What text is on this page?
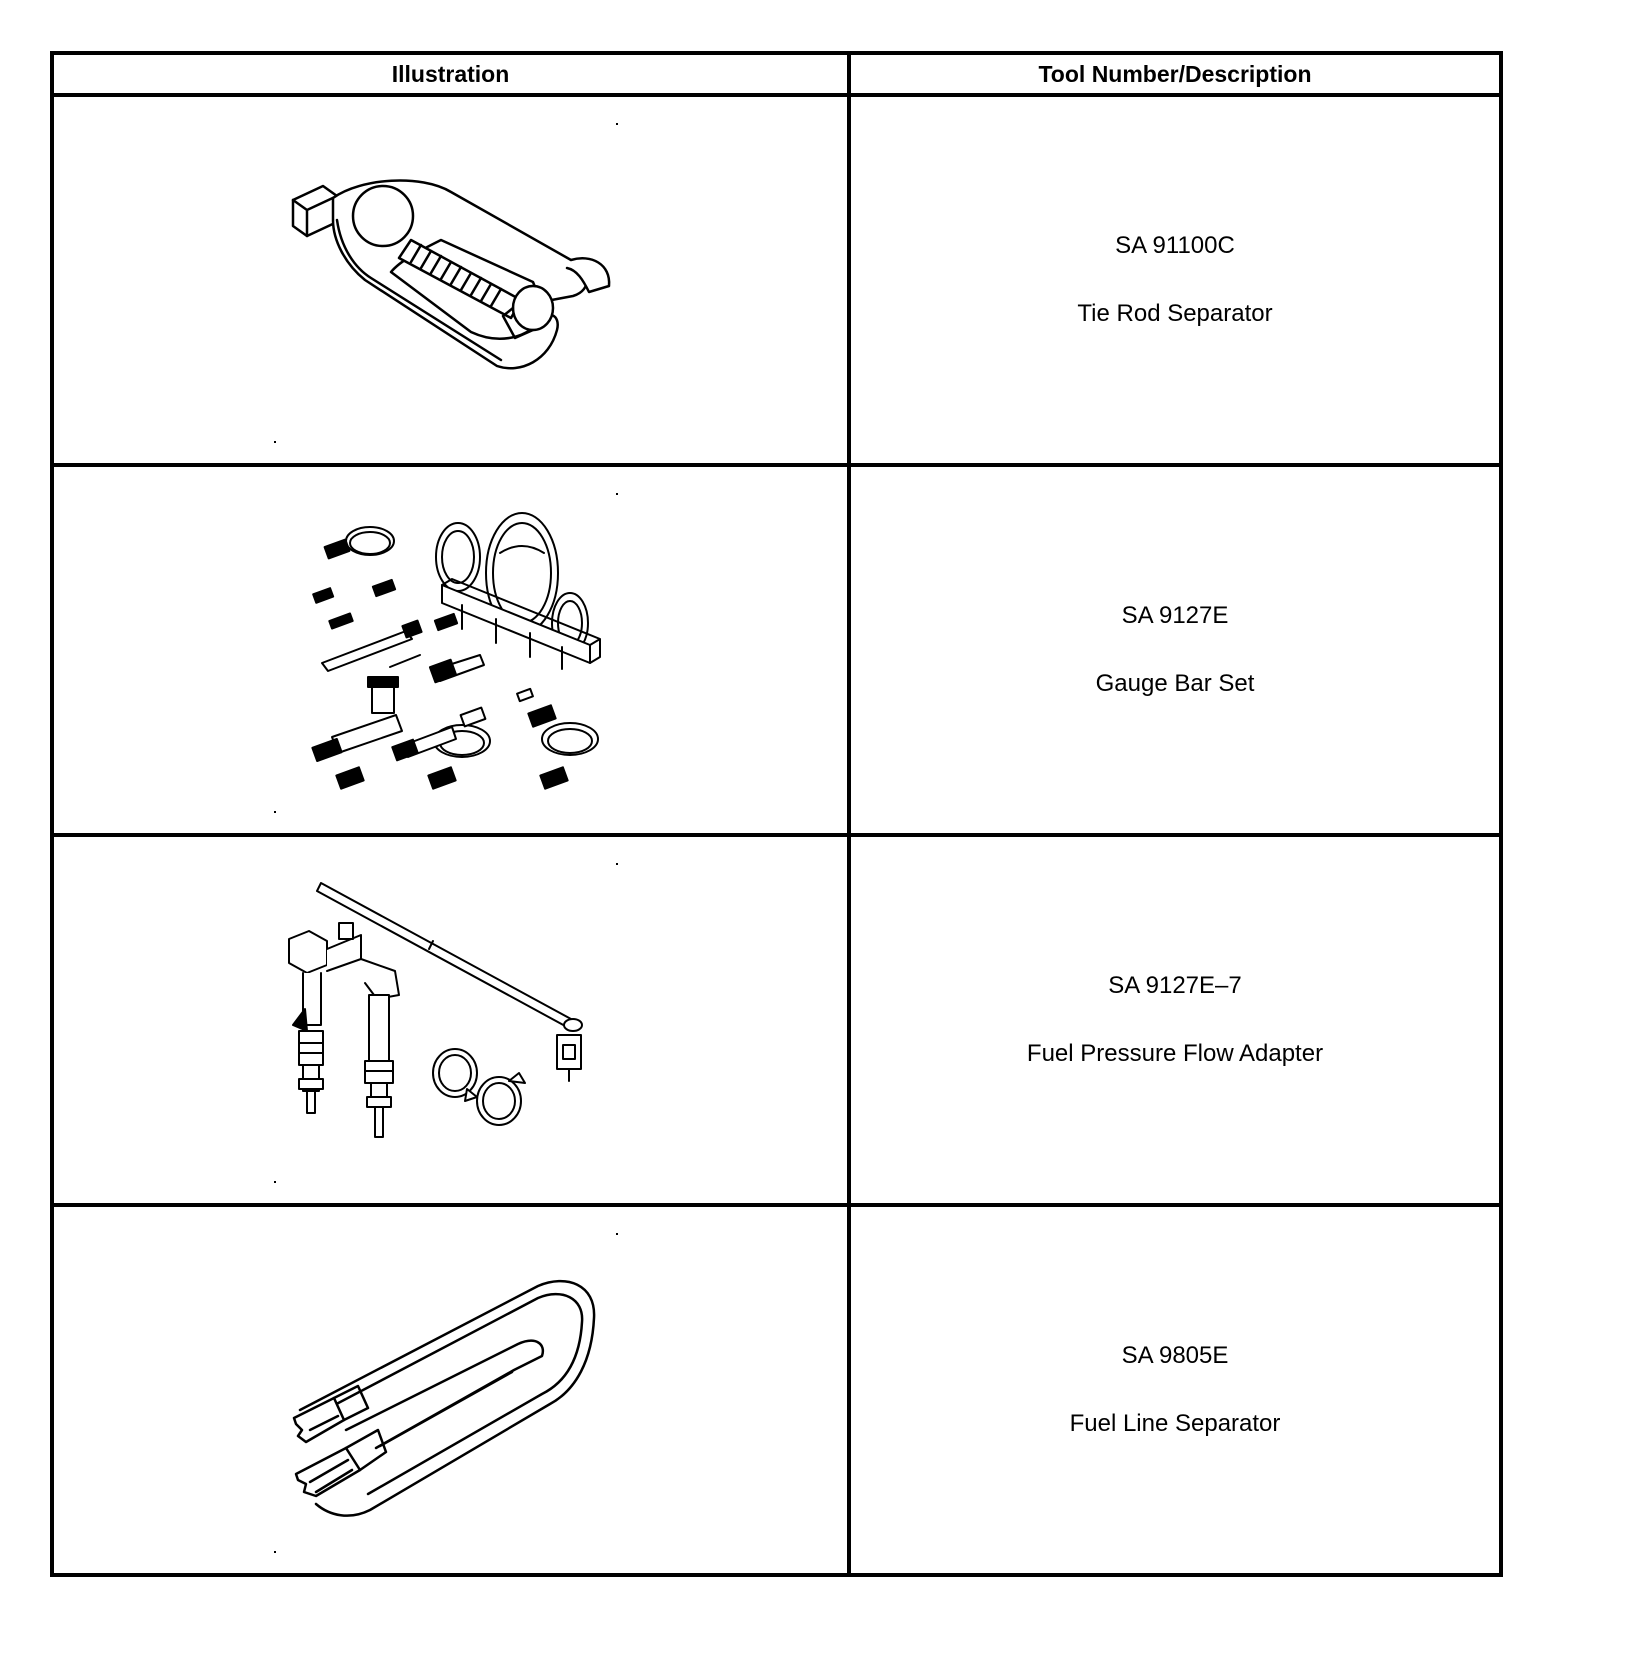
Illustration	Tool Number/Description

SA 91100C
Tie Rod Separator

SA 9127E
Gauge Bar Set

SA 9127E–7
Fuel Pressure Flow Adapter

SA 9805E
Fuel Line Separator
